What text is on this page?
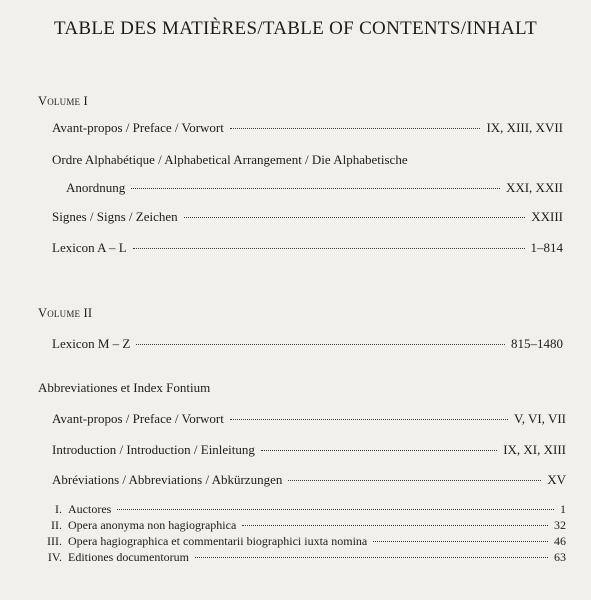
TABLE DES MATIÈRES/TABLE OF CONTENTS/INHALT
Volume I
Avant-propos / Preface / Vorwort	IX, XIII, XVII
Ordre Alphabétique / Alphabetical Arrangement / Die Alphabetische
Anordnung	XXI, XXII
Signes / Signs / Zeichen	XXIII
Lexicon A – L	1–814
Volume II
Lexicon M – Z	815–1480
Abbreviationes et Index Fontium
Avant-propos / Preface / Vorwort	V, VI, VII
Introduction / Introduction / Einleitung	IX, XI, XIII
Abréviations / Abbreviations / Abkürzungen	XV
I. Auctores	1
II. Opera anonyma non hagiographica	32
III. Opera hagiographica et commentarii biographici iuxta nomina	46
IV. Editiones documentorum	63
